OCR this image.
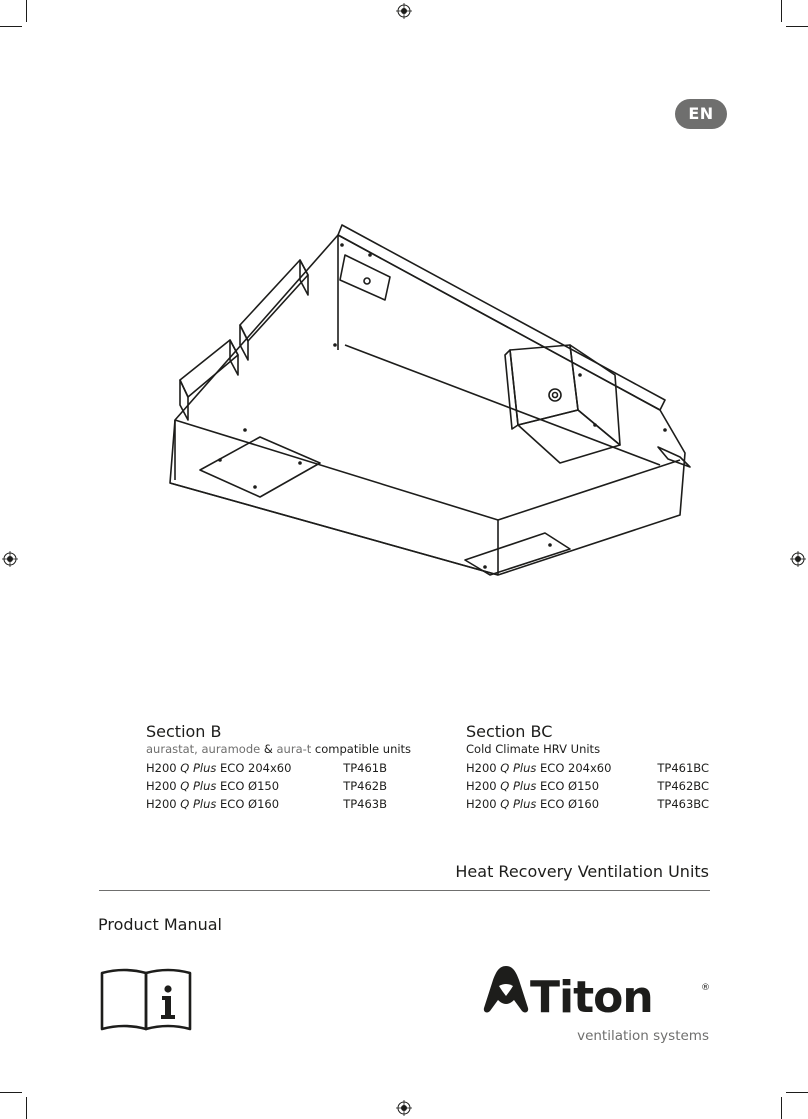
EN
Section B
aurastat, auramode & aura-t compatible units
H200 Q Plus ECO 204x60	TP461B
H200 Q Plus ECO Ø150	TP462B
H200 Q Plus ECO Ø160	TP463B
Section BC
Cold Climate HRV Units
H200 Q Plus ECO 204x60	TP461BC
H200 Q Plus ECO Ø150	TP462BC
H200 Q Plus ECO Ø160	TP463BC
Heat Recovery Ventilation Units
Product Manual
Titon	®
ventilation systems
